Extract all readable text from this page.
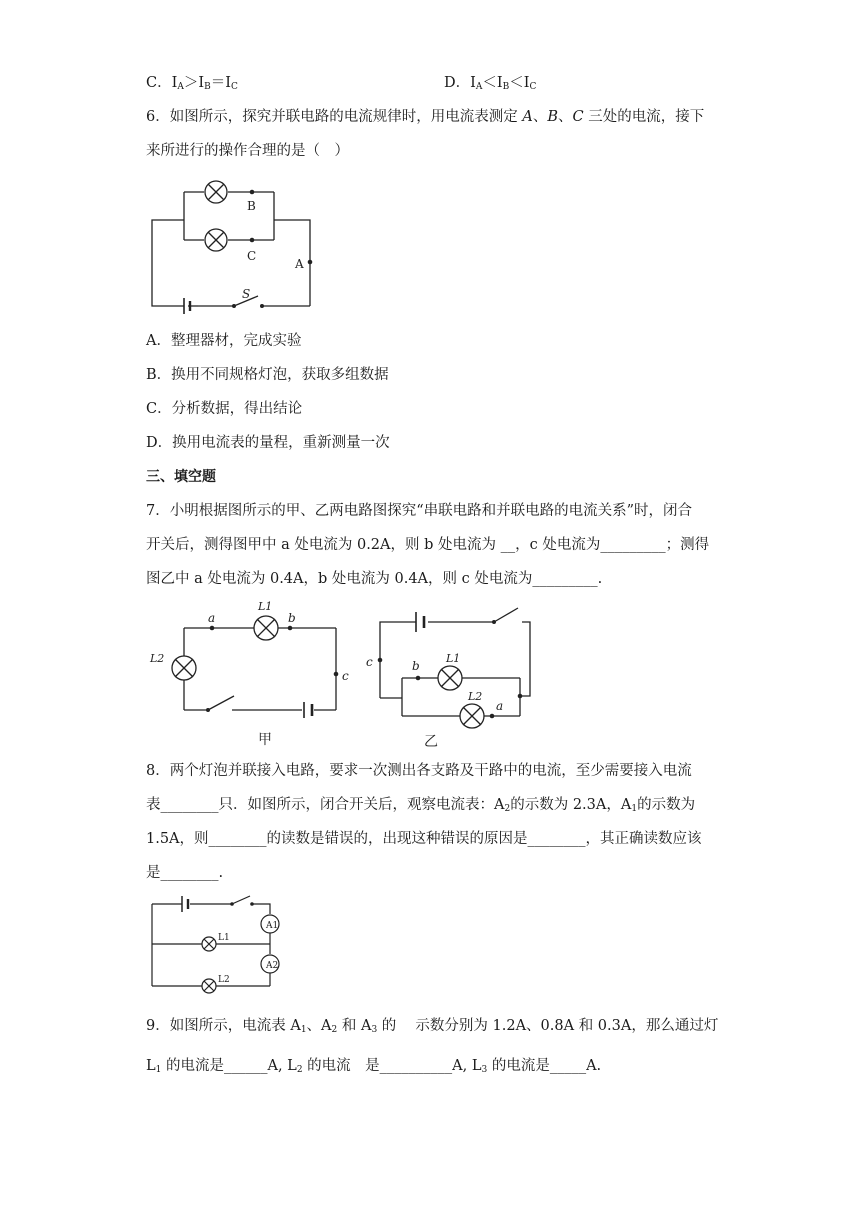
C．$I_A>I_B=I_C$	D．$I_A<I_B<I_C$
6．如图所示，探究并联电路的电流规律时，用电流表测定 A、B、C 三处的电流，接下
来所进行的操作合理的是（　）
B
C
A
S
A．整理器材，完成实验
B．换用不同规格灯泡，获取多组数据
C．分析数据，得出结论
D．换用电流表的量程，重新测量一次
三、填空题
7．小明根据图所示的甲、乙两电路图探究“串联电路和并联电路的电流关系”时，闭合
开关后，测得图甲中 a 处电流为 0.2A，则 b 处电流为 __，c 处电流为_________；测得
图乙中 a 处电流为 0.4A，b 处电流为 0.4A，则 c 处电流为_________.
a
L1
b
L2
c
甲
c	b
L1
L2
a
乙
8．两个灯泡并联接入电路，要求一次测出各支路及干路中的电流，至少需要接入电流
表________只．如图所示，闭合开关后，观察电流表：$A_2$的示数为 2.3A，$A_1$的示数为
1.5A，则________的读数是错误的，出现这种错误的原因是________，其正确读数应该
是________.
A1
L1
A2
L2
9．如图所示，电流表 $A_1$、$A_2$ 和 $A_3$ 的　 示数分别为 1.2A、0.8A 和 0.3A，那么通过灯
$L_1$ 的电流是______A, $L_2$ 的电流　是__________A, $L_3$ 的电流是_____A.
